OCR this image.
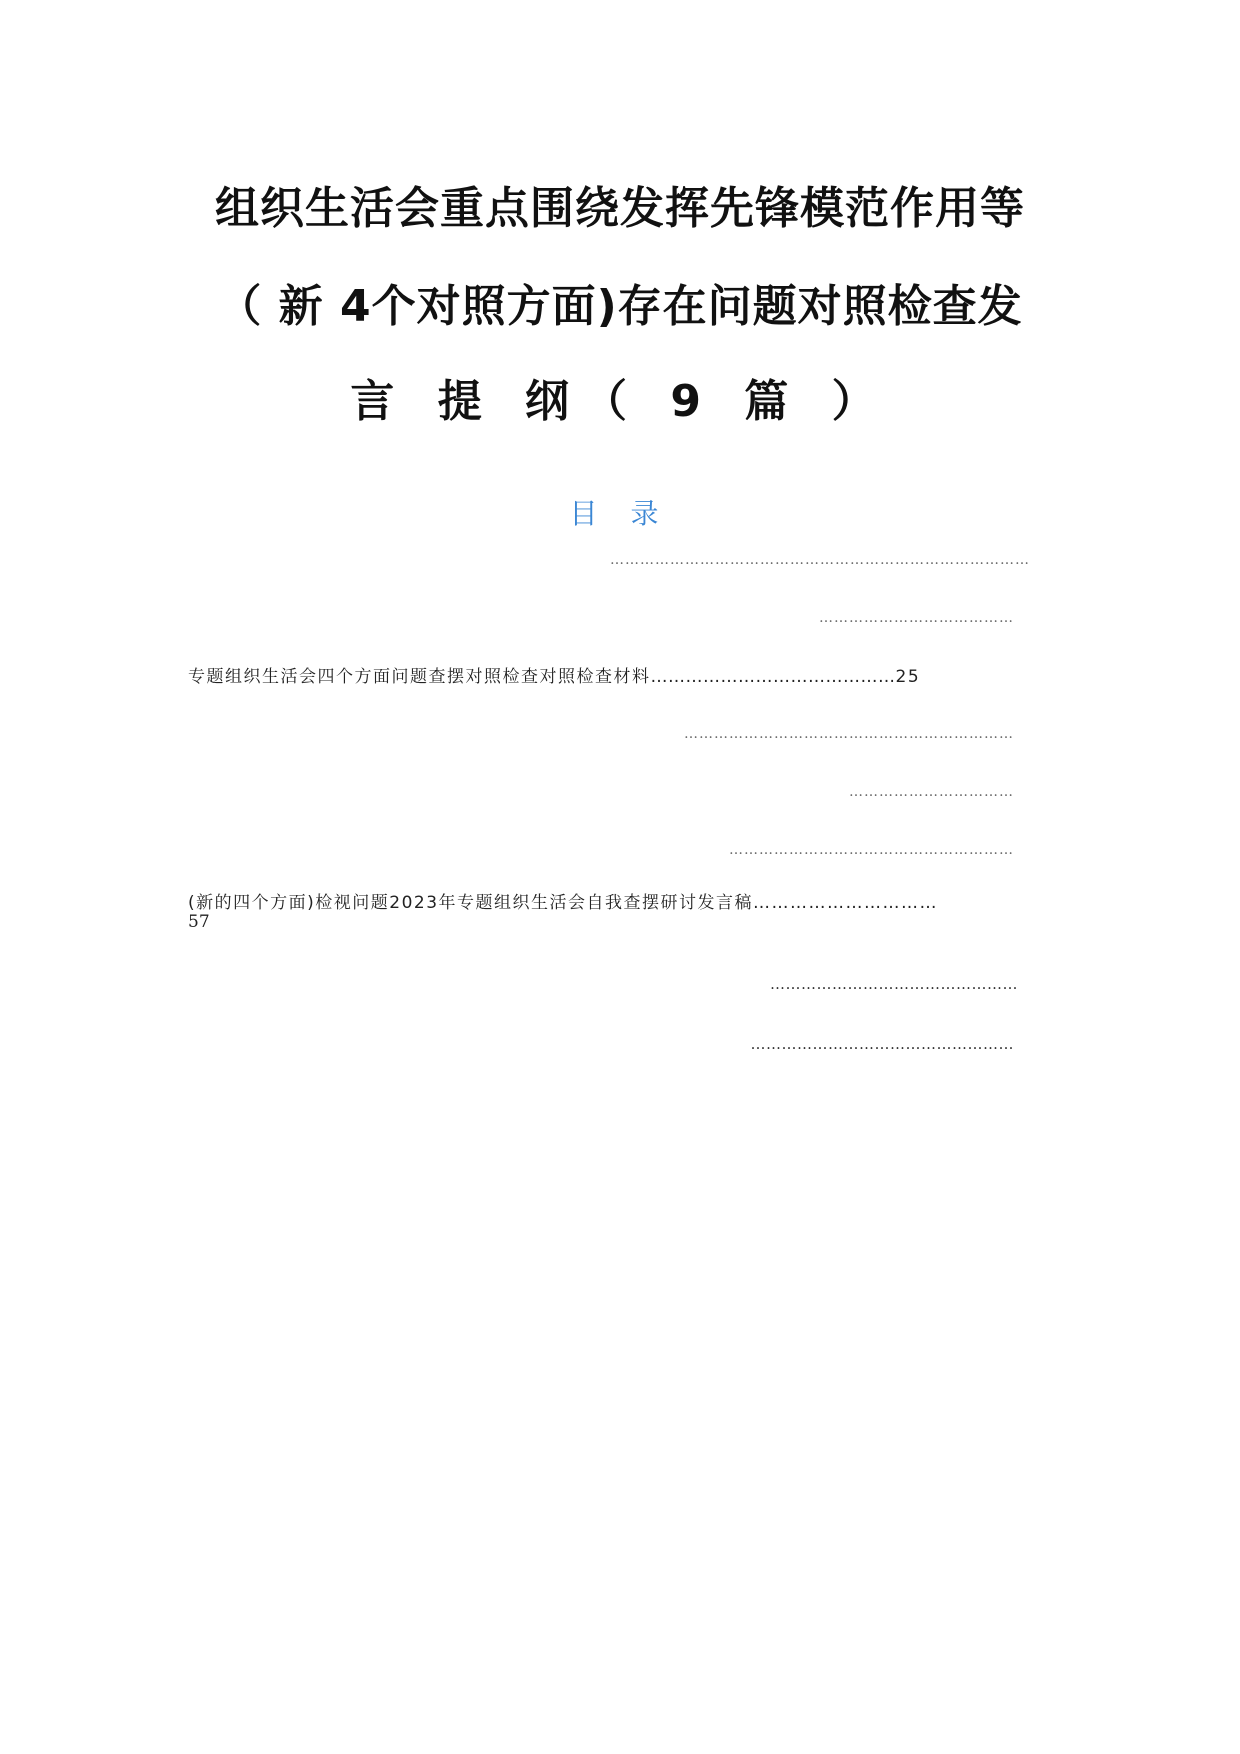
组织生活会重点围绕发挥先锋模范作用等
（ 新 4个对照方面)存在问题对照检查发
言 提 纲（ 9 篇 ）
目 录
…………………………………………………………………………
…………………………………
专题组织生活会四个方面问题查摆对照检查对照检查材料……………………………………25
…………………………………………………………
……………………………
…………………………………………………
(新的四个方面)检视问题2023年专题组织生活会自我查摆研讨发言稿…………………………
57
…………………………………………
……………………………………………
